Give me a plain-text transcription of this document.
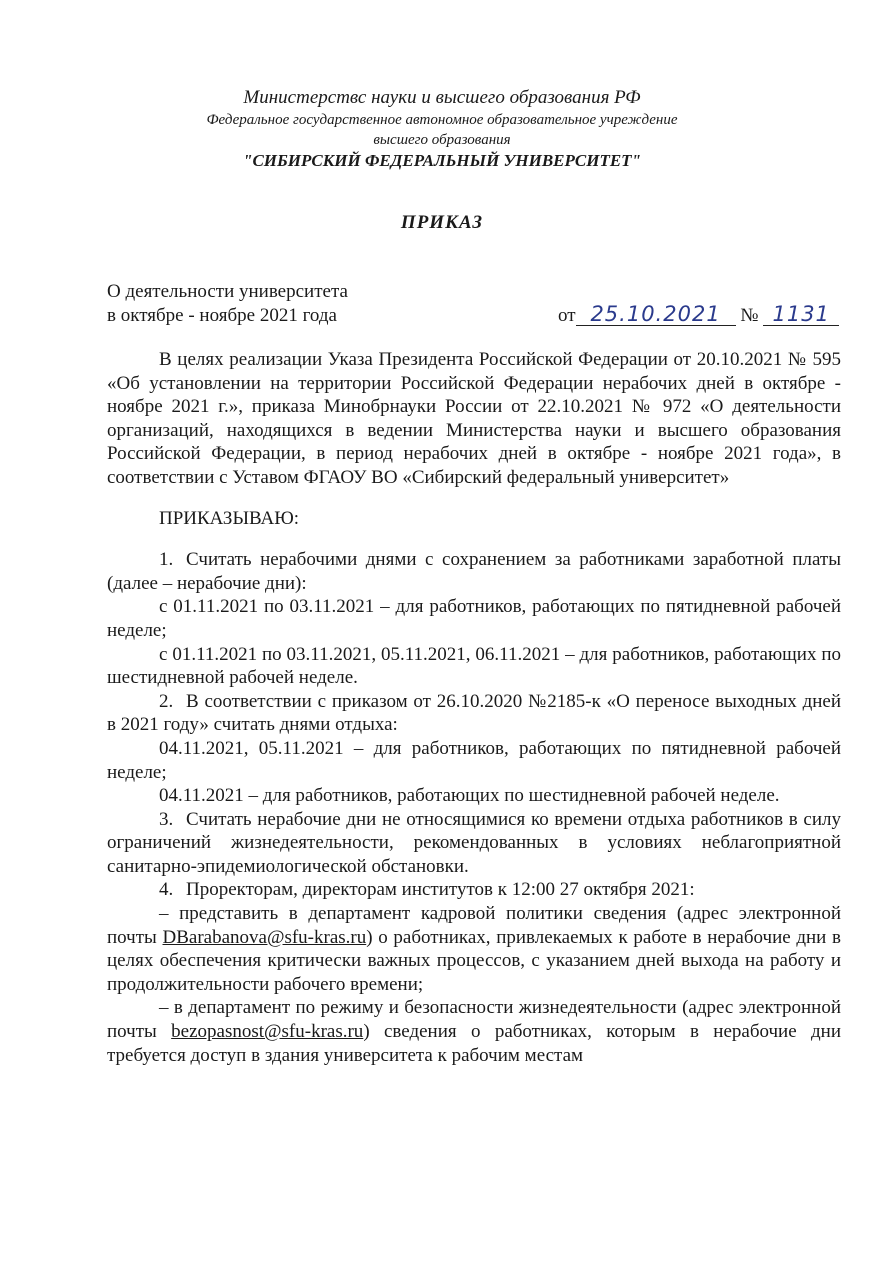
Министерствс науки и высшего образования РФ
Федеральное государственное автономное образовательное учреждение
высшего образования
"СИБИРСКИЙ ФЕДЕРАЛЬНЫЙ УНИВЕРСИТЕТ"
ПРИКАЗ
О деятельности университета
в октябре - ноябре 2021 года	от 25.10.2021 № 1131

В целях реализации Указа Президента Российской Федерации от 20.10.2021 № 595 «Об установлении на территории Российской Федерации нерабочих дней в октябре - ноябре 2021 г.», приказа Минобрнауки России от 22.10.2021 № 972 «О деятельности организаций, находящихся в ведении Министерства науки и высшего образования Российской Федерации, в период нерабочих дней в октябре - ноябре 2021 года», в соответствии с Уставом ФГАОУ ВО «Сибирский федеральный университет»

ПРИКАЗЫВАЮ:

1. Считать нерабочими днями с сохранением за работниками заработной платы (далее – нерабочие дни):

с 01.11.2021 по 03.11.2021 – для работников, работающих по пятидневной рабочей неделе;

с 01.11.2021 по 03.11.2021, 05.11.2021, 06.11.2021 – для работников, работающих по шестидневной рабочей неделе.

2. В соответствии с приказом от 26.10.2020 №2185-к «О переносе выходных дней в 2021 году» считать днями отдыха:

04.11.2021, 05.11.2021 – для работников, работающих по пятидневной рабочей неделе;

04.11.2021 – для работников, работающих по шестидневной рабочей неделе.

3. Считать нерабочие дни не относящимися ко времени отдыха работников в силу ограничений жизнедеятельности, рекомендованных в условиях неблагоприятной санитарно-эпидемиологической обстановки.

4. Проректорам, директорам институтов к 12:00 27 октября 2021:

– представить в департамент кадровой политики сведения (адрес электронной почты DBarabanova@sfu-kras.ru) о работниках, привлекаемых к работе в нерабочие дни в целях обеспечения критически важных процессов, с указанием дней выхода на работу и продолжительности рабочего времени;

– в департамент по режиму и безопасности жизнедеятельности (адрес электронной почты bezopasnost@sfu-kras.ru) сведения о работниках, которым в нерабочие дни требуется доступ в здания университета к рабочим местам
